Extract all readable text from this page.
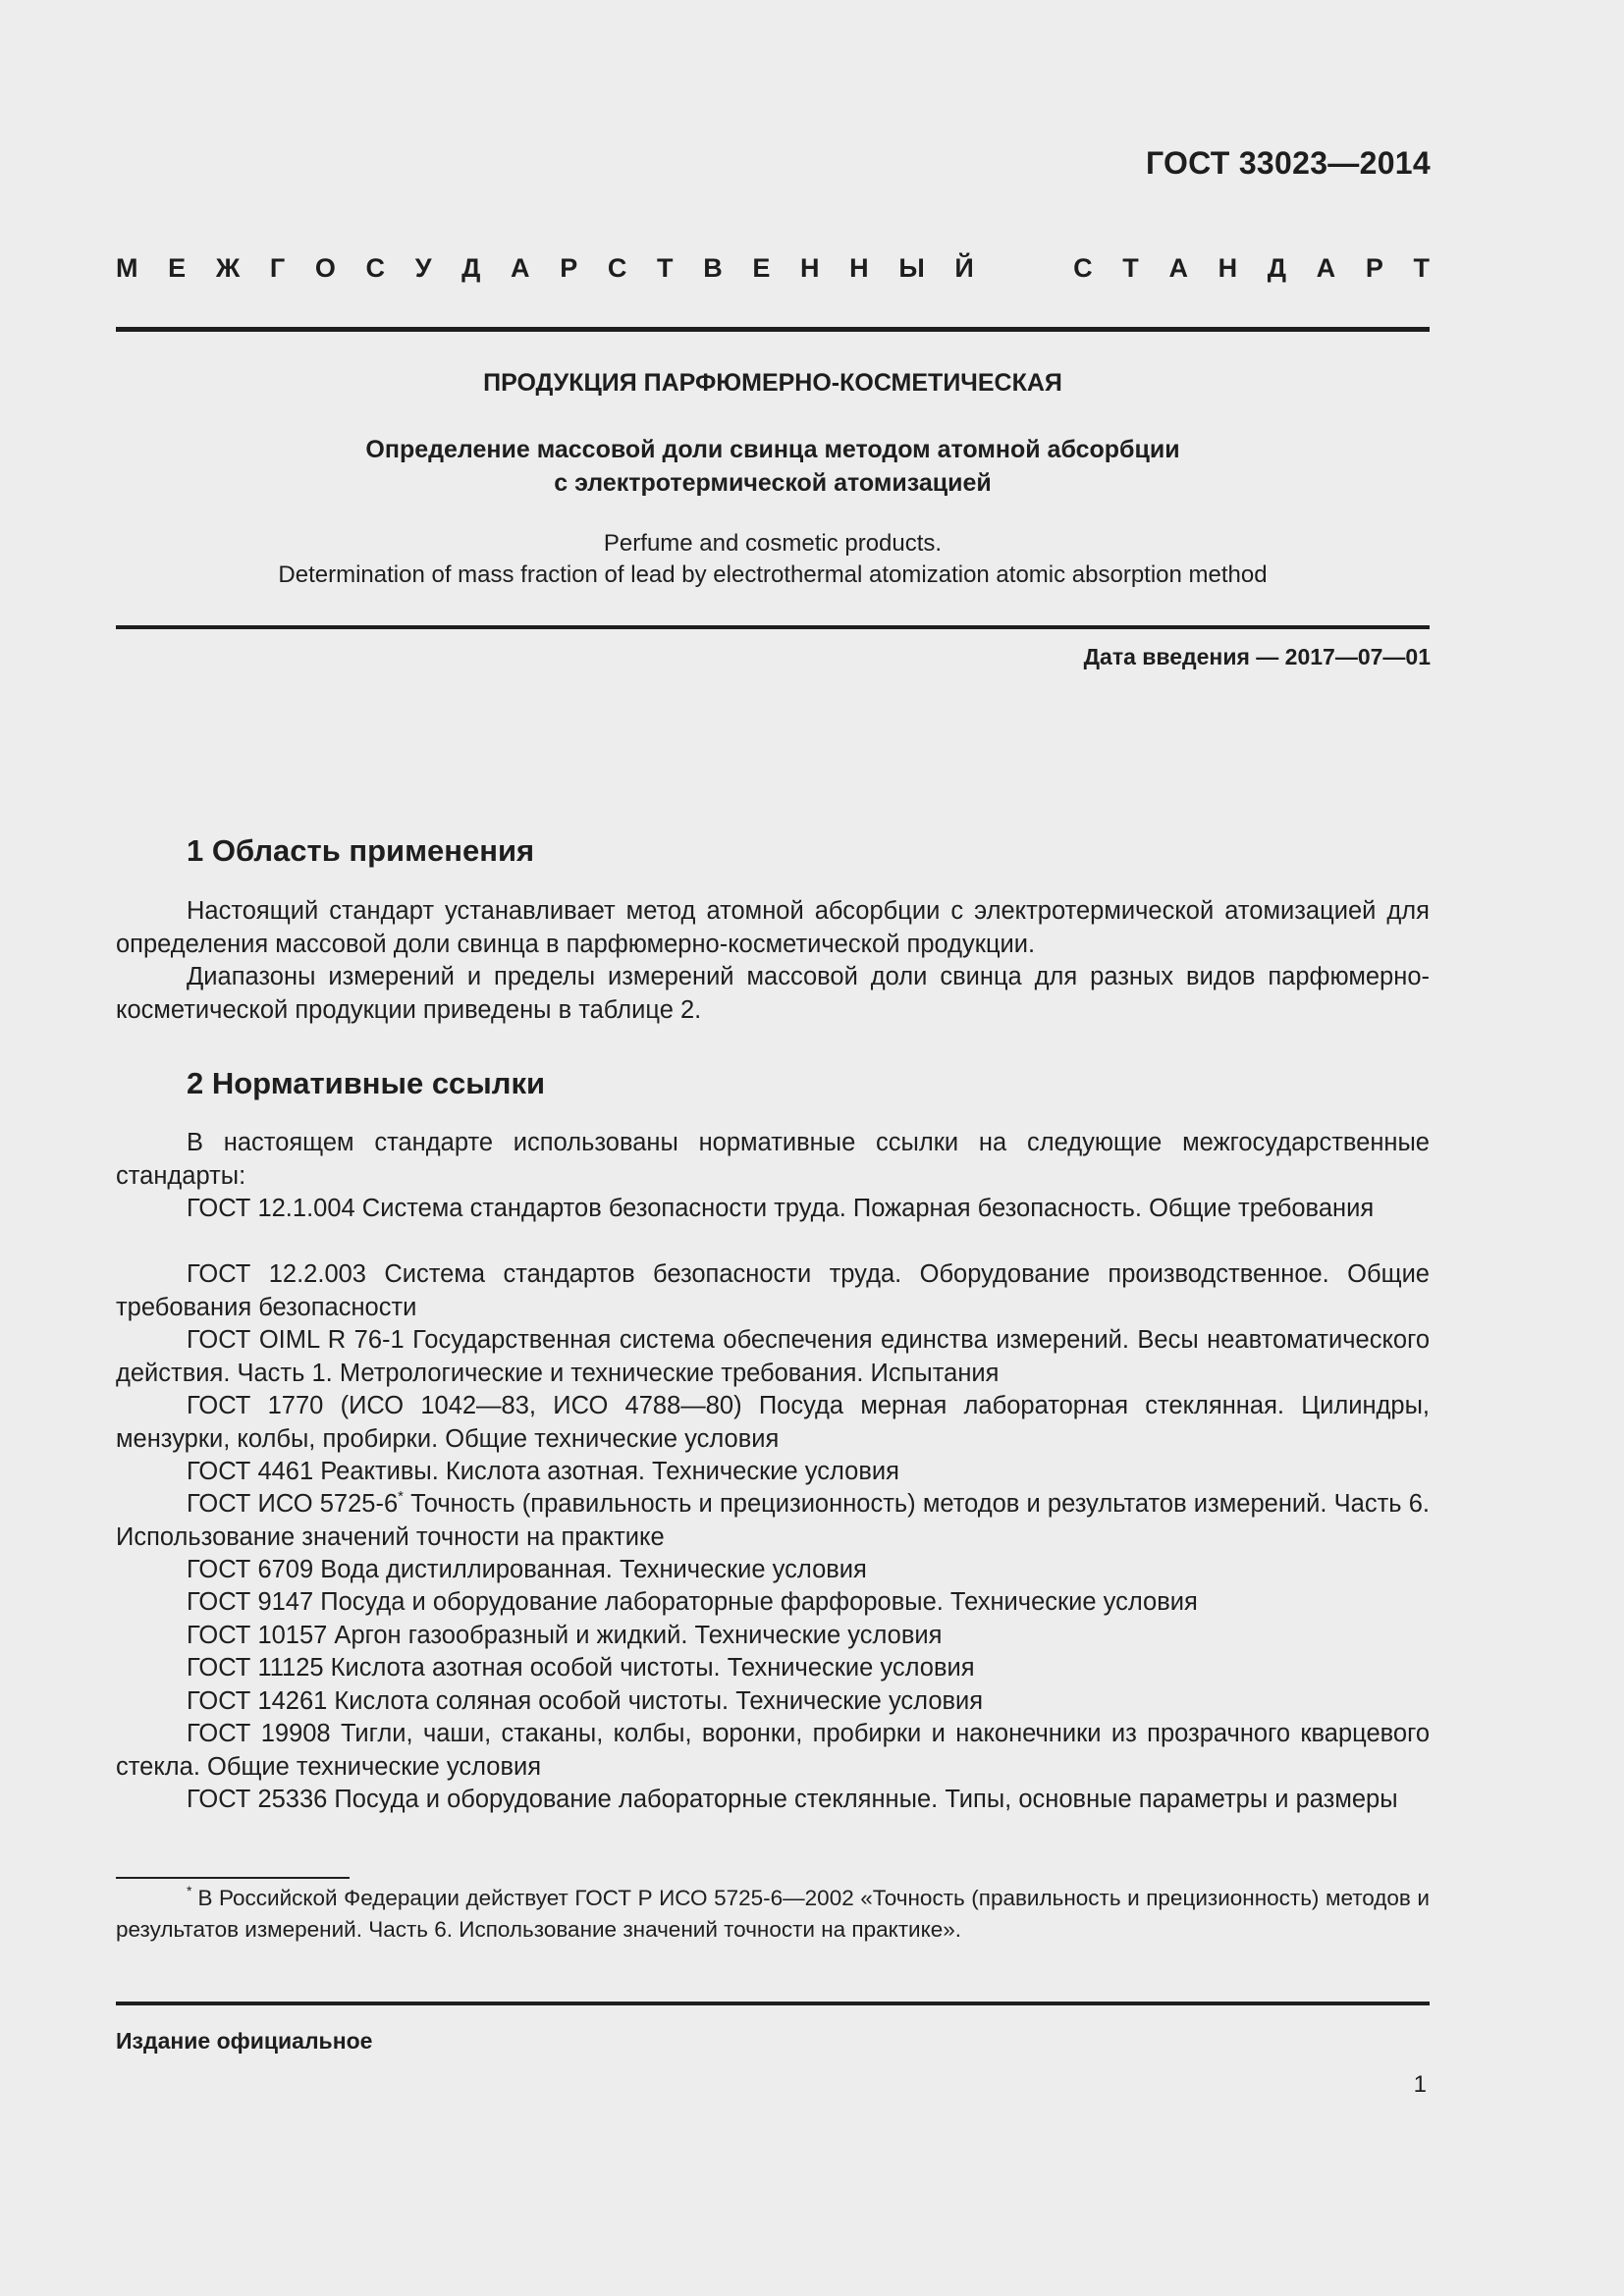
ГОСТ 33023—2014
М Е Ж Г О С У Д А Р С Т В Е Н Н Ы Й	С Т А Н Д А Р Т
ПРОДУКЦИЯ ПАРФЮМЕРНО-КОСМЕТИЧЕСКАЯ
Определение массовой доли свинца методом атомной абсорбции
с электротермической атомизацией
Perfume and cosmetic products.
Determination of mass fraction of lead by electrothermal atomization atomic absorption method
Дата введения — 2017—07—01
1 Область применения
Настоящий стандарт устанавливает метод атомной абсорбции с электротермической атомизацией для определения массовой доли свинца в парфюмерно-косметической продукции.
Диапазоны измерений и пределы измерений массовой доли свинца для разных видов парфюмерно-косметической продукции приведены в таблице 2.
2 Нормативные ссылки
В настоящем стандарте использованы нормативные ссылки на следующие межгосударственные стандарты:
ГОСТ 12.1.004 Система стандартов безопасности труда. Пожарная безопасность. Общие требования
ГОСТ 12.2.003 Система стандартов безопасности труда. Оборудование производственное. Общие требования безопасности
ГОСТ OIML R 76-1 Государственная система обеспечения единства измерений. Весы неавтоматического действия. Часть 1. Метрологические и технические требования. Испытания
ГОСТ 1770 (ИСО 1042—83, ИСО 4788—80) Посуда мерная лабораторная стеклянная. Цилиндры, мензурки, колбы, пробирки. Общие технические условия
ГОСТ 4461 Реактивы. Кислота азотная. Технические условия
ГОСТ ИСО 5725-6* Точность (правильность и прецизионность) методов и результатов измерений. Часть 6. Использование значений точности на практике
ГОСТ 6709 Вода дистиллированная. Технические условия
ГОСТ 9147 Посуда и оборудование лабораторные фарфоровые. Технические условия
ГОСТ 10157 Аргон газообразный и жидкий. Технические условия
ГОСТ 11125 Кислота азотная особой чистоты. Технические условия
ГОСТ 14261 Кислота соляная особой чистоты. Технические условия
ГОСТ 19908 Тигли, чаши, стаканы, колбы, воронки, пробирки и наконечники из прозрачного кварцевого стекла. Общие технические условия
ГОСТ 25336 Посуда и оборудование лабораторные стеклянные. Типы, основные параметры и размеры
* В Российской Федерации действует ГОСТ Р ИСО 5725-6—2002 «Точность (правильность и прецизионность) методов и результатов измерений. Часть 6. Использование значений точности на практике».
Издание официальное
1
